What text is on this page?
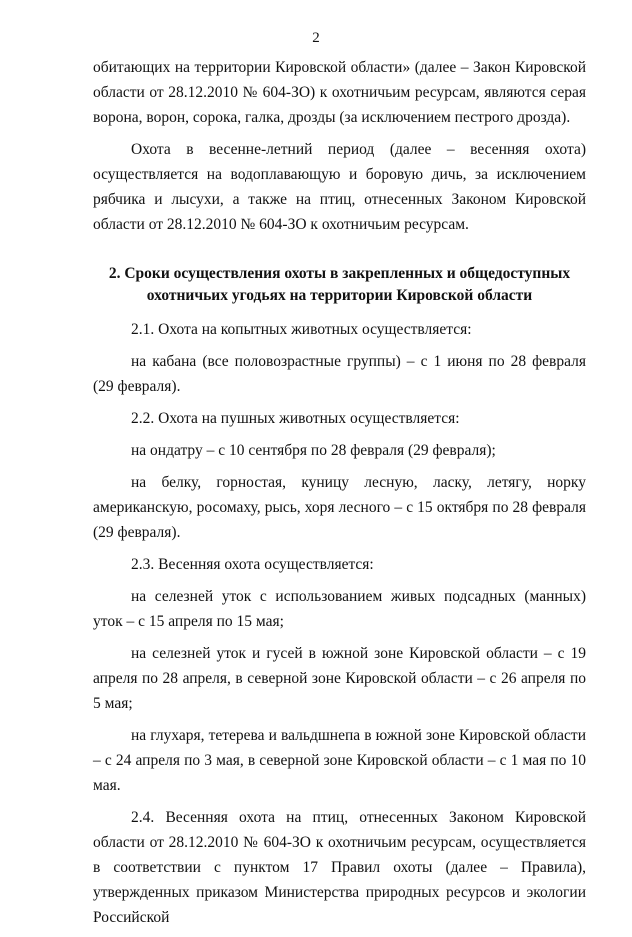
2

обитающих на территории Кировской области» (далее – Закон Кировской области от 28.12.2010 № 604-ЗО) к охотничьим ресурсам, являются серая ворона, ворон, сорока, галка, дрозды (за исключением пестрого дрозда).

Охота в весенне-летний период (далее – весенняя охота) осуществляется на водоплавающую и боровую дичь, за исключением рябчика и лысухи, а также на птиц, отнесенных Законом Кировской области от 28.12.2010 № 604-ЗО к охотничьим ресурсам.

2. Сроки осуществления охоты в закрепленных и общедоступных
охотничьих угодьях на территории Кировской области

2.1. Охота на копытных животных осуществляется:

на кабана (все половозрастные группы) – с 1 июня по 28 февраля (29 февраля).

2.2. Охота на пушных животных осуществляется:

на ондатру – с 10 сентября по 28 февраля (29 февраля);

на белку, горностая, куницу лесную, ласку, летягу, норку американскую, росомаху, рысь, хоря лесного – с 15 октября по 28 февраля (29 февраля).

2.3. Весенняя охота осуществляется:

на селезней уток с использованием живых подсадных (манных) уток – с 15 апреля по 15 мая;

на селезней уток и гусей в южной зоне Кировской области – с 19 апреля по 28 апреля, в северной зоне Кировской области – с 26 апреля по 5 мая;

на глухаря, тетерева и вальдшнепа в южной зоне Кировской области – с 24 апреля по 3 мая, в северной зоне Кировской области – с 1 мая по 10 мая.

2.4. Весенняя охота на птиц, отнесенных Законом Кировской области от 28.12.2010 № 604-ЗО к охотничьим ресурсам, осуществляется в соответствии с пунктом 17 Правил охоты (далее – Правила), утвержденных приказом Министерства природных ресурсов и экологии Российской
